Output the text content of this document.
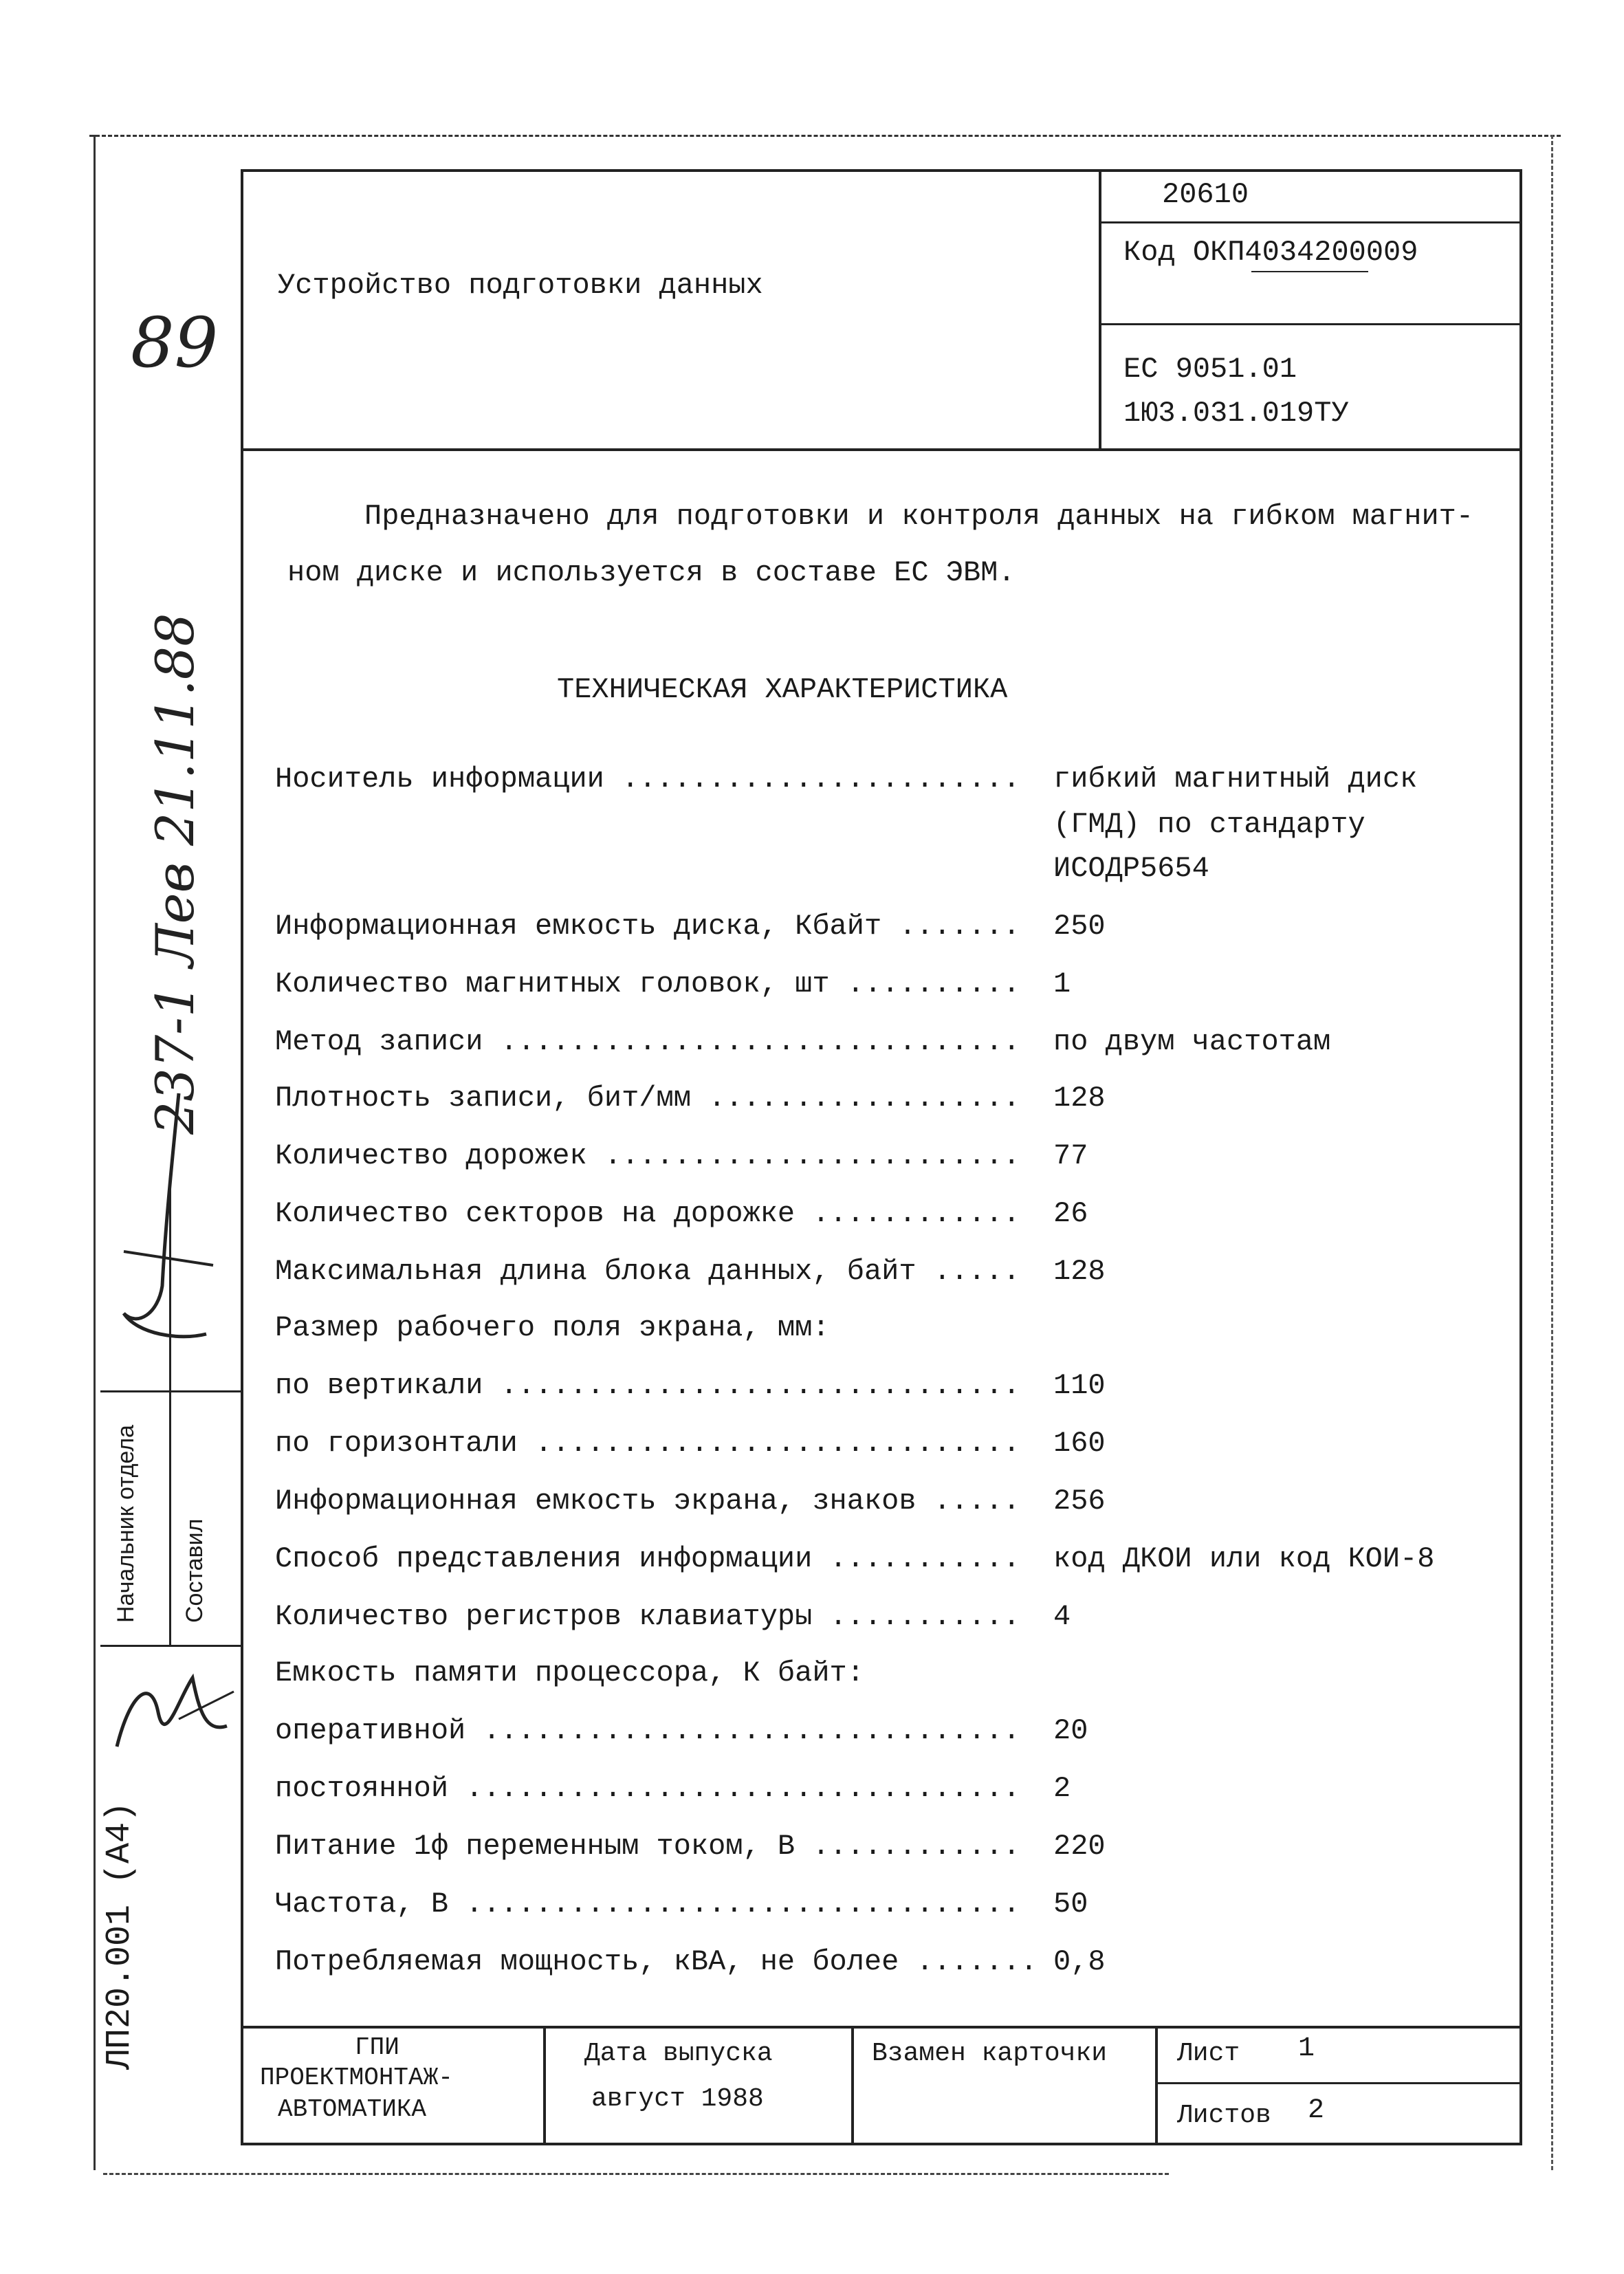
20610
Код ОКП4034200009
Устройство подготовки данных
ЕС 9051.01
1Ю3.031.019ТУ
Предназначено для подготовки и контроля данных на гибком магнит-
ном диске и используется в составе ЕС ЭВМ.
ТЕХНИЧЕСКАЯ ХАРАКТЕРИСТИКА
Носитель информации ....................... гибкий магнитный диск
(ГМД) по стандарту
ИСОДР5654
Информационная емкость диска, Кбайт ....... 250
Количество магнитных головок, шт .......... 1
Метод записи .............................. по двум частотам
Плотность записи, бит/мм .................. 128
Количество дорожек ........................ 77
Количество секторов на дорожке ............ 26
Максимальная длина блока данных, байт ..... 128
Размер рабочего поля экрана, мм:
по вертикали .............................. 110
по горизонтали ............................ 160
Информационная емкость экрана, знаков ..... 256
Способ представления информации ........... код ДКОИ или код КОИ-8
Количество регистров клавиатуры ........... 4
Емкость памяти процессора, К байт:
оперативной ............................... 20
постоянной ................................ 2
Питание 1ф переменным током, В ............ 220
Частота, В ................................ 50
Потребляемая мощность, кВА, не более ....... 0,8
ГПИ
ПРОЕКТМОНТАЖ-
АВТОМАТИКА
Дата выпуска
август 1988
Взамен карточки	Лист 1
Листов 2
89
237-1 Лев 21.11.88
Начальник отдела Составил
ЛП20.001 (А4)
